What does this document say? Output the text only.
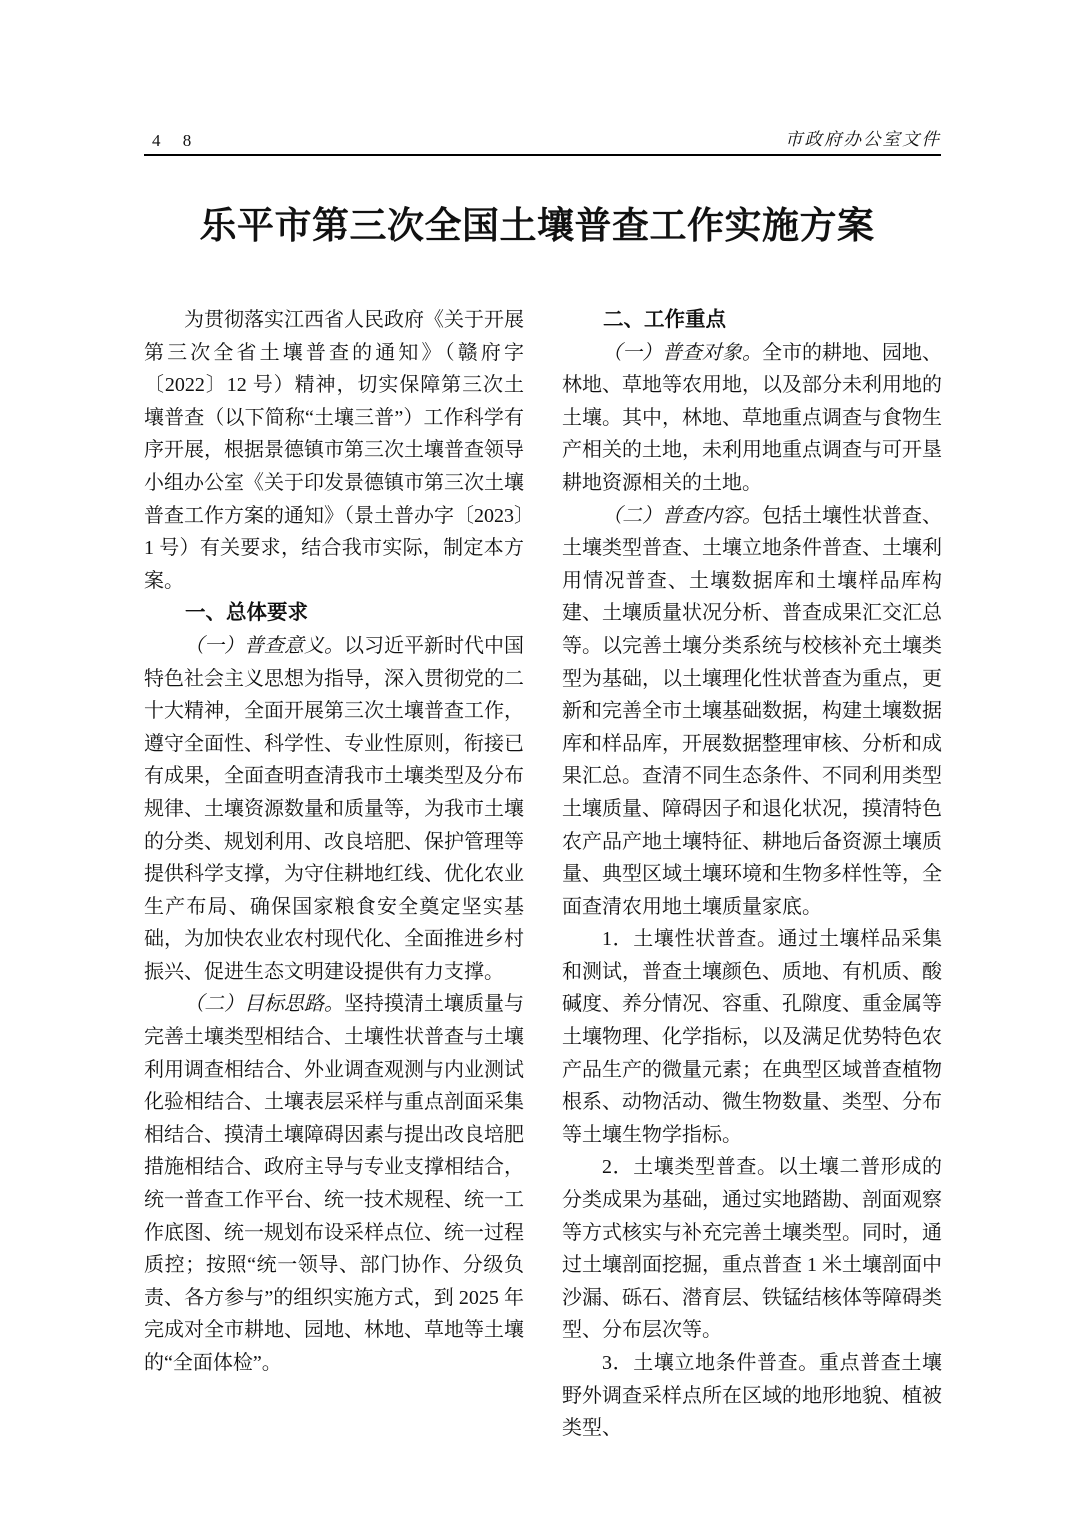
4 8	市政府办公室文件
乐平市第三次全国土壤普查工作实施方案

为贯彻落实江西省人民政府《关于开展第三次全省土壤普查的通知》（赣府字〔2022〕12 号）精神，切实保障第三次土壤普查（以下简称“土壤三普”）工作科学有序开展，根据景德镇市第三次土壤普查领导小组办公室《关于印发景德镇市第三次土壤普查工作方案的通知》（景土普办字〔2023〕1 号）有关要求，结合我市实际，制定本方案。

一、总体要求

（一）普查意义。以习近平新时代中国特色社会主义思想为指导，深入贯彻党的二十大精神，全面开展第三次土壤普查工作，遵守全面性、科学性、专业性原则，衔接已有成果，全面查明查清我市土壤类型及分布规律、土壤资源数量和质量等，为我市土壤的分类、规划利用、改良培肥、保护管理等提供科学支撑，为守住耕地红线、优化农业生产布局、确保国家粮食安全奠定坚实基础，为加快农业农村现代化、全面推进乡村振兴、促进生态文明建设提供有力支撑。

（二）目标思路。坚持摸清土壤质量与完善土壤类型相结合、土壤性状普查与土壤利用调查相结合、外业调查观测与内业测试化验相结合、土壤表层采样与重点剖面采集相结合、摸清土壤障碍因素与提出改良培肥措施相结合、政府主导与专业支撑相结合，统一普查工作平台、统一技术规程、统一工作底图、统一规划布设采样点位、统一过程质控；按照“统一领导、部门协作、分级负责、各方参与”的组织实施方式，到 2025 年完成对全市耕地、园地、林地、草地等土壤的“全面体检”。

二、工作重点

（一）普查对象。全市的耕地、园地、林地、草地等农用地，以及部分未利用地的土壤。其中，林地、草地重点调查与食物生产相关的土地，未利用地重点调查与可开垦耕地资源相关的土地。

（二）普查内容。包括土壤性状普查、土壤类型普查、土壤立地条件普查、土壤利用情况普查、土壤数据库和土壤样品库构建、土壤质量状况分析、普查成果汇交汇总等。以完善土壤分类系统与校核补充土壤类型为基础，以土壤理化性状普查为重点，更新和完善全市土壤基础数据，构建土壤数据库和样品库，开展数据整理审核、分析和成果汇总。查清不同生态条件、不同利用类型土壤质量、障碍因子和退化状况，摸清特色农产品产地土壤特征、耕地后备资源土壤质量、典型区域土壤环境和生物多样性等，全面查清农用地土壤质量家底。

1．土壤性状普查。通过土壤样品采集和测试，普查土壤颜色、质地、有机质、酸碱度、养分情况、容重、孔隙度、重金属等土壤物理、化学指标，以及满足优势特色农产品生产的微量元素；在典型区域普查植物根系、动物活动、微生物数量、类型、分布等土壤生物学指标。

2．土壤类型普查。以土壤二普形成的分类成果为基础，通过实地踏勘、剖面观察等方式核实与补充完善土壤类型。同时，通过土壤剖面挖掘，重点普查 1 米土壤剖面中沙漏、砾石、潜育层、铁锰结核体等障碍类型、分布层次等。

3．土壤立地条件普查。重点普查土壤野外调查采样点所在区域的地形地貌、植被类型、
